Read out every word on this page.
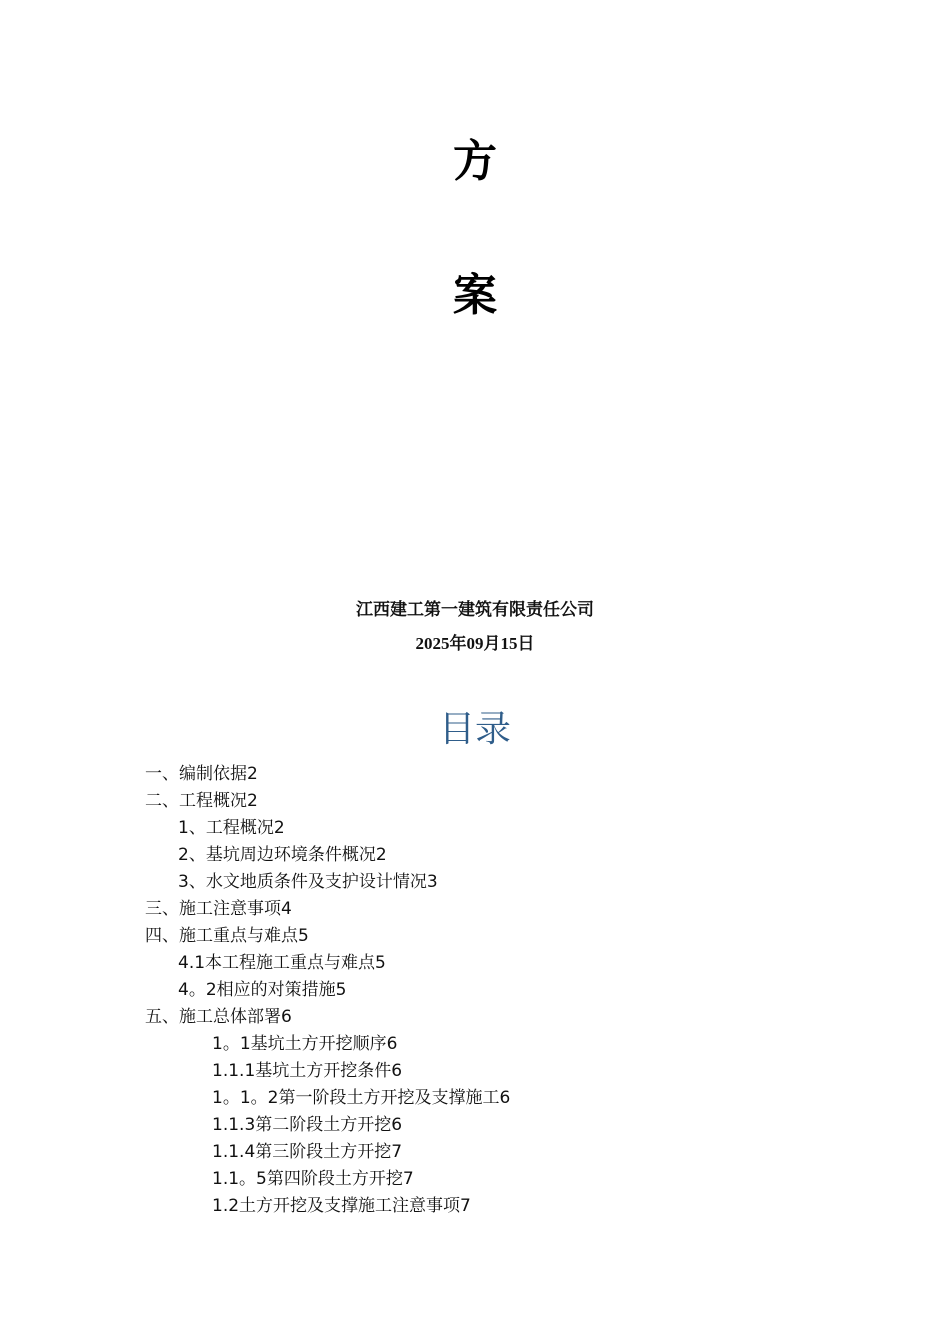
方
案
江西建工第一建筑有限责任公司
2025年09月15日
目录
一、编制依据2
二、工程概况2
1、工程概况2
2、基坑周边环境条件概况2
3、水文地质条件及支护设计情况3
三、施工注意事项4
四、施工重点与难点5
4.1本工程施工重点与难点5
4。2相应的对策措施5
五、施工总体部署6
1。1基坑土方开挖顺序6
1.1.1基坑土方开挖条件6
1。1。2第一阶段土方开挖及支撑施工6
1.1.3第二阶段土方开挖6
1.1.4第三阶段土方开挖7
1.1。5第四阶段土方开挖7
1.2土方开挖及支撑施工注意事项7
